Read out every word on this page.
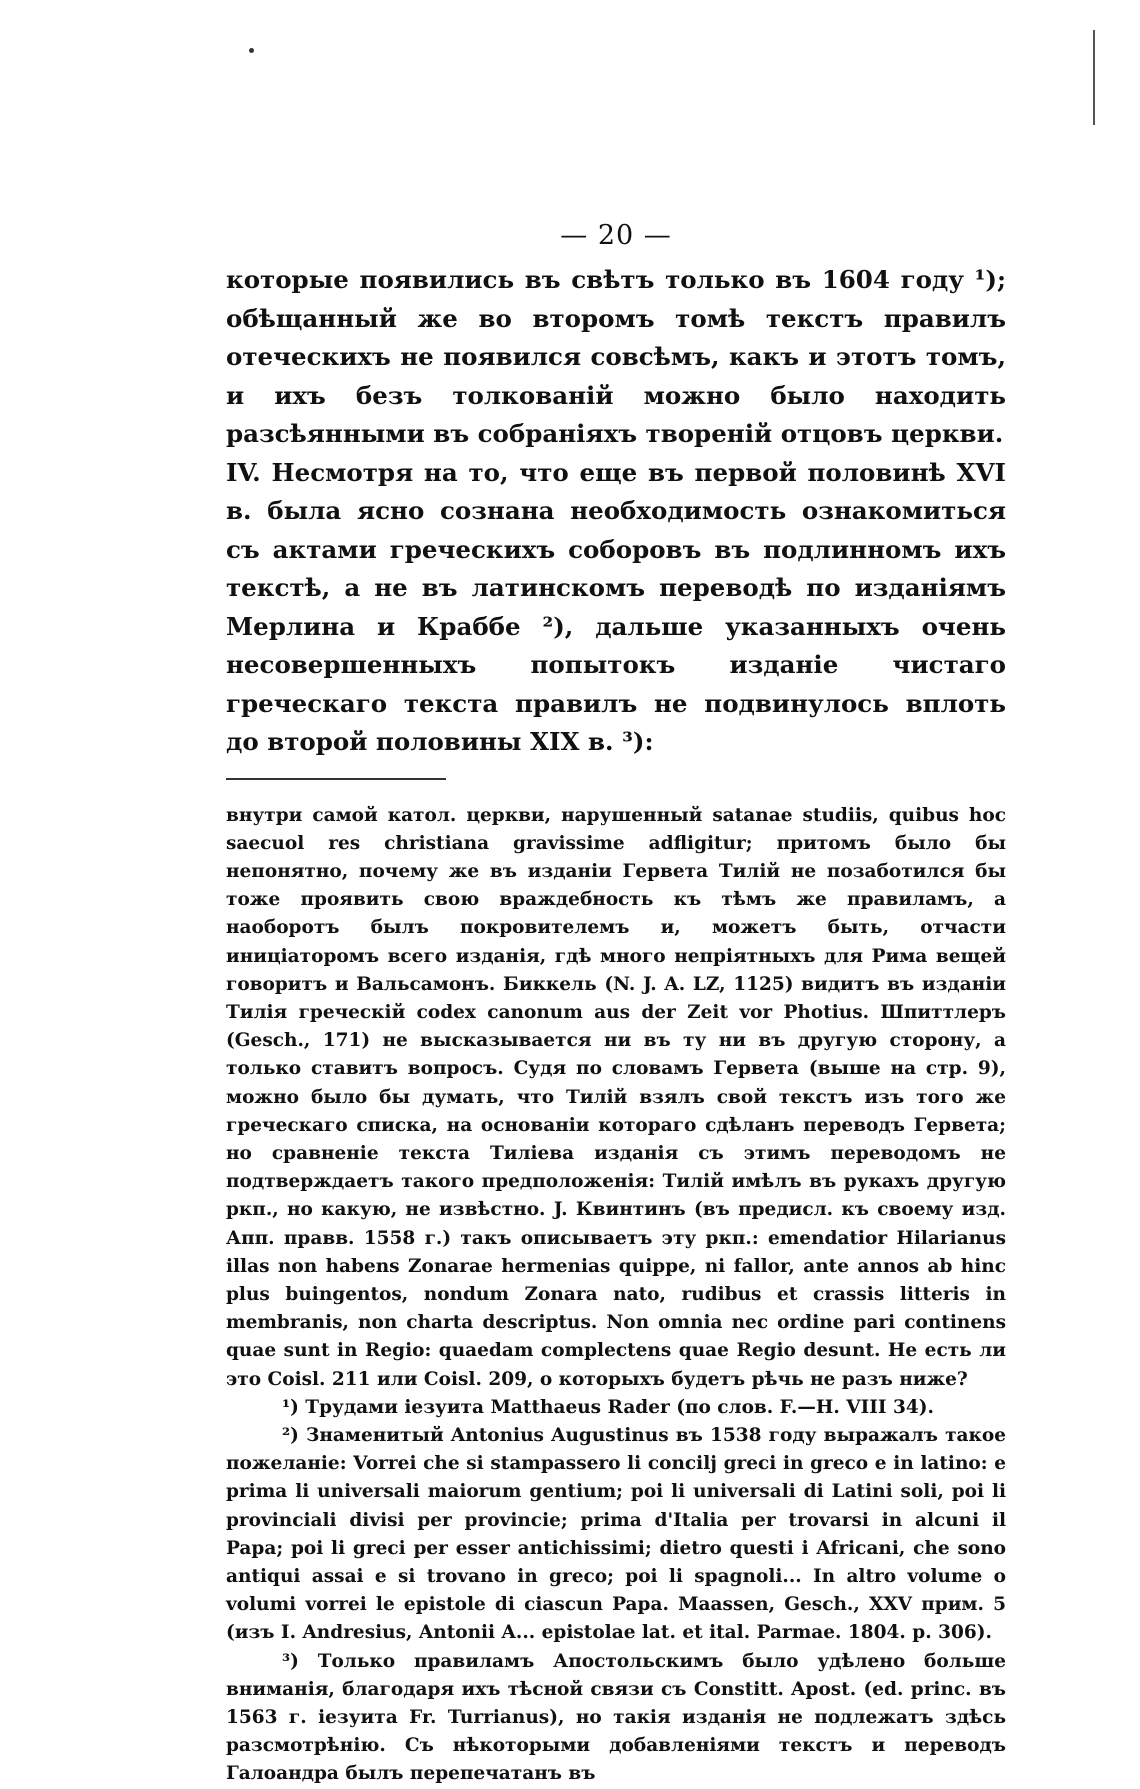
— 20 —

которые появились въ свѣтъ только въ 1604 году ¹); обѣщанный же во второмъ томѣ текстъ правилъ отеческихъ не появился совсѣмъ, какъ и этотъ томъ, и ихъ безъ толкованій можно было находить разсѣянными въ собраніяхъ твореній отцовъ церкви.

IV. Несмотря на то, что еще въ первой половинѣ XVI в. была ясно сознана необходимость ознакомиться съ актами греческихъ соборовъ въ подлинномъ ихъ текстѣ, а не въ латинскомъ переводѣ по изданіямъ Мерлина и Краббе ²), дальше указанныхъ очень несовершенныхъ попытокъ изданіе чистаго греческаго текста правилъ не подвинулось вплоть до второй половины XIX в. ³):

внутри самой катол. церкви, нарушенный satanae studiis, quibus hoc saecuol res christiana gravissime adfligitur; притомъ было бы непонятно, почему же въ изданіи Гервета Тилій не позаботился бы тоже проявить свою враждебность къ тѣмъ же правиламъ, а наоборотъ былъ покровителемъ и, можетъ быть, отчасти иниціаторомъ всего изданія, гдѣ много непріятныхъ для Рима вещей говоритъ и Вальсамонъ. Биккель (N. J. A. LZ, 1125) видитъ въ изданіи Тилія греческій codex canonum aus der Zeit vor Photius. Шпиттлеръ (Gesch., 171) не высказывается ни въ ту ни въ другую сторону, а только ставитъ вопросъ. Судя по словамъ Гервета (выше на стр. 9), можно было бы думать, что Тилій взялъ свой текстъ изъ того же греческаго списка, на основаніи котораго сдѣланъ переводъ Гервета; но сравненіе текста Тиліева изданія съ этимъ переводомъ не подтверждаетъ такого предположенія: Тилій имѣлъ въ рукахъ другую ркп., но какую, не извѣстно. J. Квинтинъ (въ предисл. къ своему изд. Апп. правв. 1558 г.) такъ описываетъ эту ркп.: emendatior Hilarianus illas non habens Zonarae hermenias quippe, ni fallor, ante annos ab hinc plus buingentos, nondum Zonara nato, rudibus et crassis litteris in membranis, non charta descriptus. Non omnia nec ordine pari continens quae sunt in Regio: quaedam complectens quae Regio desunt. Не есть ли это Coisl. 211 или Coisl. 209, о которыхъ будетъ рѣчь не разъ ниже?

¹) Трудами іезуита Matthaeus Rader (по слов. F.—H. VIII 34).

²) Знаменитый Antonius Augustinus въ 1538 году выражалъ такое пожеланіе: Vorrei che si stampassero li concilj greci in greco e in latino: e prima li universali maiorum gentium; poi li universali di Latini soli, poi li provinciali divisi per provincie; prima d'Italia per trovarsi in alcuni il Papa; poi li greci per esser antichissimi; dietro questi i Africani, che sono antiqui assai e si trovano in greco; poi li spagnoli... In altro volume o volumi vorrei le epistole di ciascun Papa. Maassen, Gesch., XXV прим. 5 (изъ I. Andresius, Antonii A... epistolae lat. et ital. Parmae. 1804. p. 306).

³) Только правиламъ Апостольскимъ было удѣлено больше вниманія, благодаря ихъ тѣсной связи съ Constitt. Apost. (ed. princ. въ 1563 г. іезуита Fr. Turrianus), но такія изданія не подлежатъ здѣсь разсмотрѣнію. Съ нѣкоторыми добавленіями текстъ и переводъ Галоандра былъ перепечатанъ въ
